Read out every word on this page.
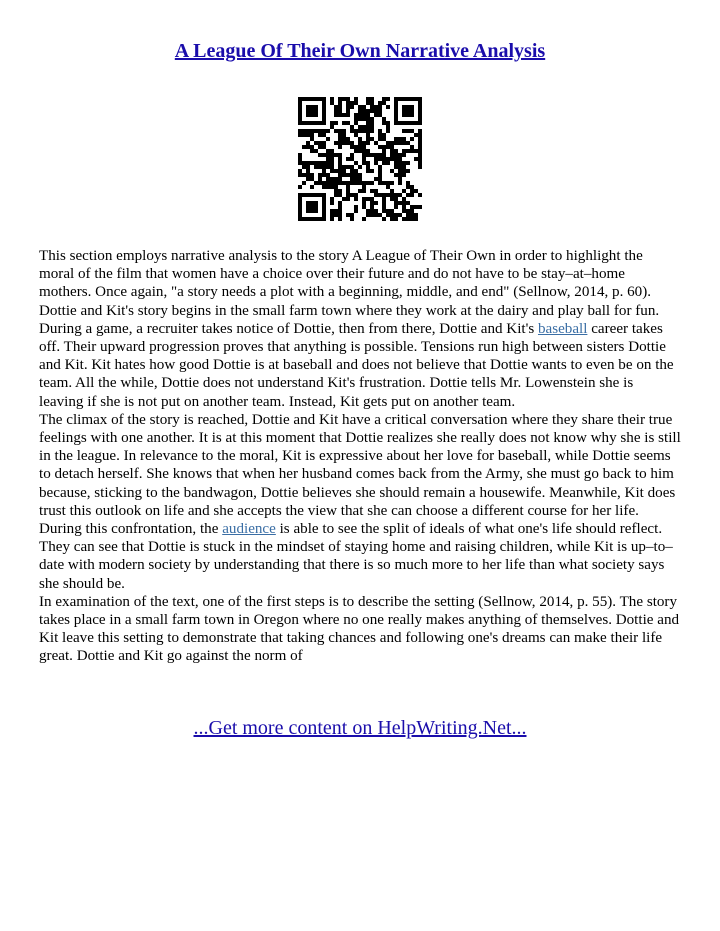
A League Of Their Own Narrative Analysis

This section employs narrative analysis to the story A League of Their Own in order to highlight the moral of the film that women have a choice over their future and do not have to be stay–at–home mothers. Once again, "a story needs a plot with a beginning, middle, and end" (Sellnow, 2014, p. 60). Dottie and Kit's story begins in the small farm town where they work at the dairy and play ball for fun. During a game, a recruiter takes notice of Dottie, then from there, Dottie and Kit's baseball career takes off. Their upward progression proves that anything is possible. Tensions run high between sisters Dottie and Kit. Kit hates how good Dottie is at baseball and does not believe that Dottie wants to even be on the team. All the while, Dottie does not understand Kit's frustration. Dottie tells Mr. Lowenstein she is leaving if she is not put on another team. Instead, Kit gets put on another team.

The climax of the story is reached, Dottie and Kit have a critical conversation where they share their true feelings with one another. It is at this moment that Dottie realizes she really does not know why she is still in the league. In relevance to the moral, Kit is expressive about her love for baseball, while Dottie seems to detach herself. She knows that when her husband comes back from the Army, she must go back to him because, sticking to the bandwagon, Dottie believes she should remain a housewife. Meanwhile, Kit does trust this outlook on life and she accepts the view that she can choose a different course for her life. During this confrontation, the audience is able to see the split of ideals of what one's life should reflect. They can see that Dottie is stuck in the mindset of staying home and raising children, while Kit is up–to–date with modern society by understanding that there is so much more to her life than what society says she should be.

In examination of the text, one of the first steps is to describe the setting (Sellnow, 2014, p. 55). The story takes place in a small farm town in Oregon where no one really makes anything of themselves. Dottie and Kit leave this setting to demonstrate that taking chances and following one's dreams can make their life great. Dottie and Kit go against the norm of

...Get more content on HelpWriting.Net...
